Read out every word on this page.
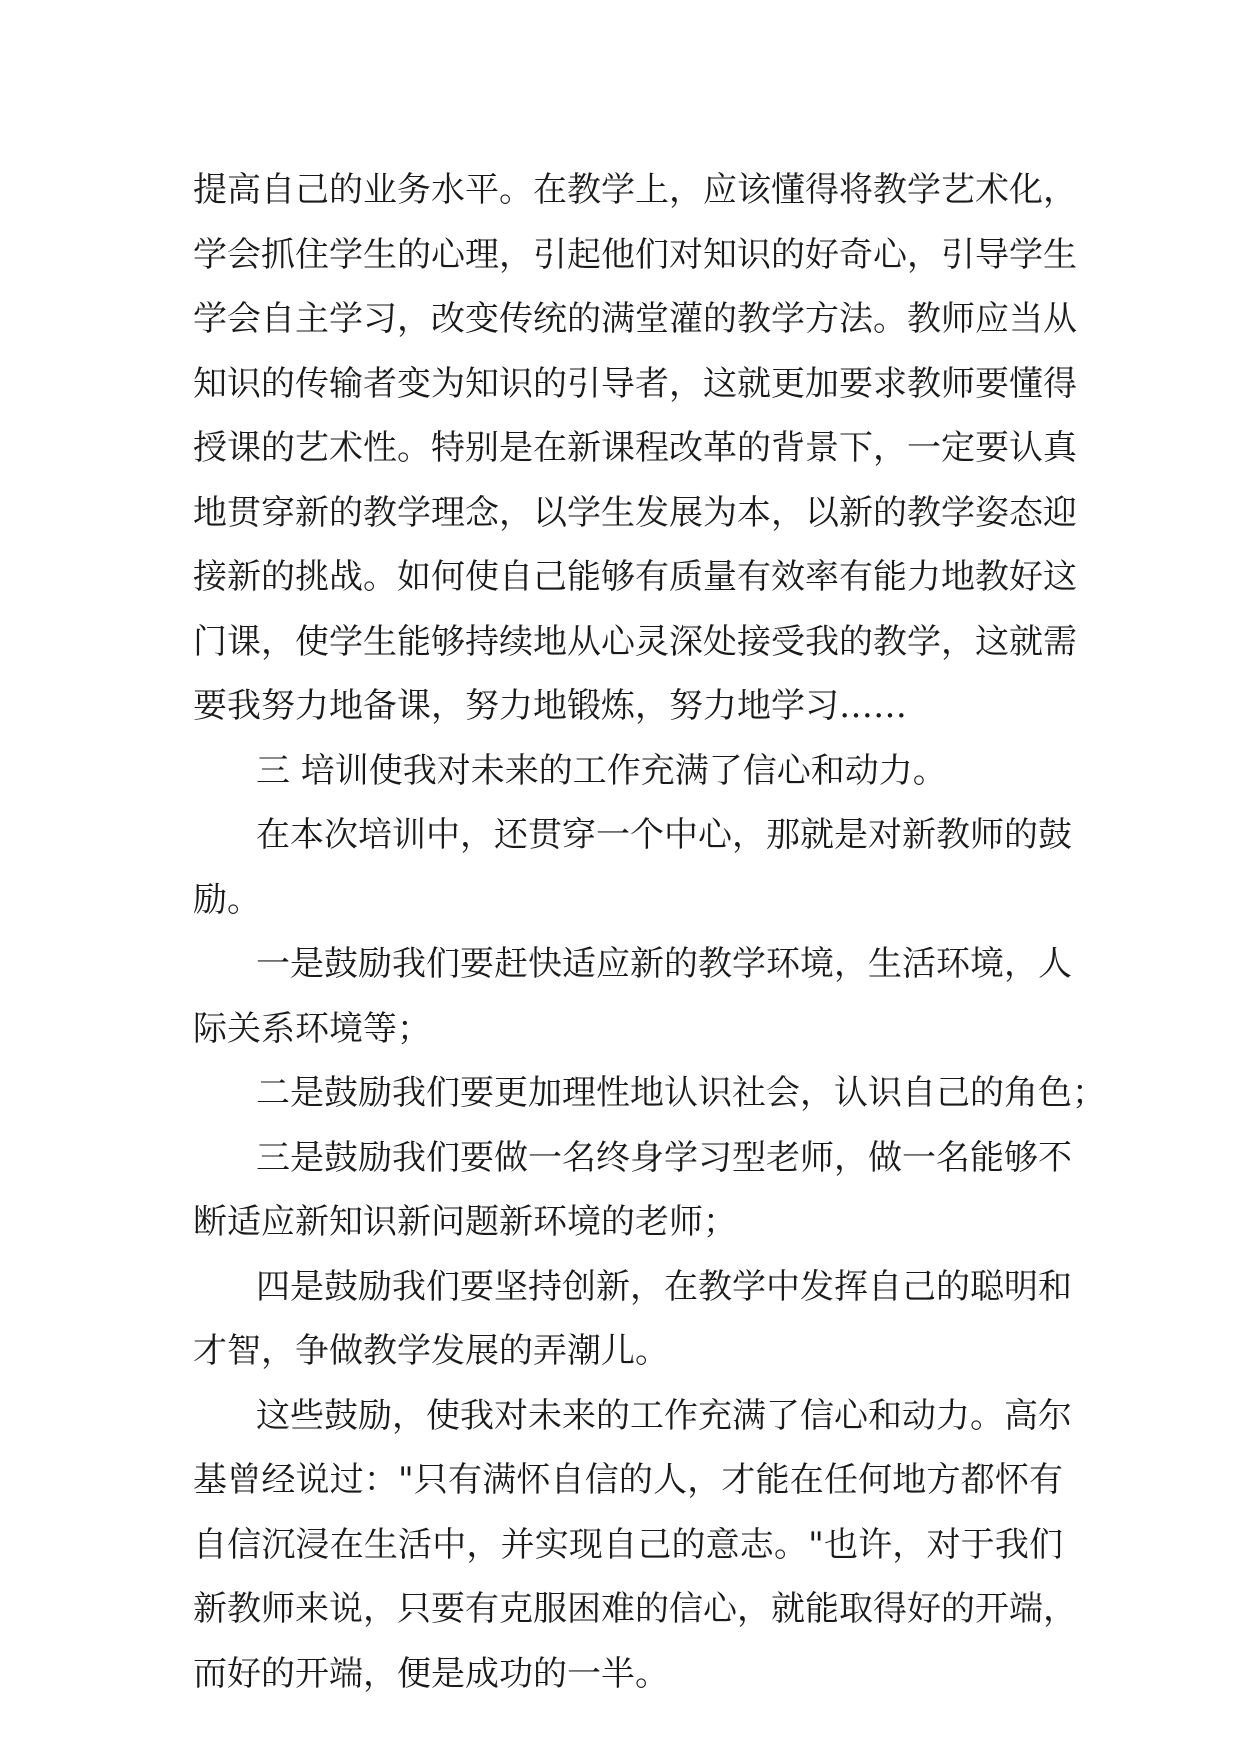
提高自己的业务水平。在教学上，应该懂得将教学艺术化，
学会抓住学生的心理，引起他们对知识的好奇心，引导学生
学会自主学习，改变传统的满堂灌的教学方法。教师应当从
知识的传输者变为知识的引导者，这就更加要求教师要懂得
授课的艺术性。特别是在新课程改革的背景下，一定要认真
地贯穿新的教学理念，以学生发展为本，以新的教学姿态迎
接新的挑战。如何使自己能够有质量有效率有能力地教好这
门课，使学生能够持续地从心灵深处接受我的教学，这就需
要我努力地备课，努力地锻炼，努力地学习……
三 培训使我对未来的工作充满了信心和动力。
在本次培训中，还贯穿一个中心，那就是对新教师的鼓
励。
一是鼓励我们要赶快适应新的教学环境，生活环境，人
际关系环境等；
二是鼓励我们要更加理性地认识社会，认识自己的角色；
三是鼓励我们要做一名终身学习型老师，做一名能够不
断适应新知识新问题新环境的老师；
四是鼓励我们要坚持创新，在教学中发挥自己的聪明和
才智，争做教学发展的弄潮儿。
这些鼓励，使我对未来的工作充满了信心和动力。高尔
基曾经说过："只有满怀自信的人，才能在任何地方都怀有
自信沉浸在生活中，并实现自己的意志。"也许，对于我们
新教师来说，只要有克服困难的信心，就能取得好的开端，
而好的开端，便是成功的一半。
